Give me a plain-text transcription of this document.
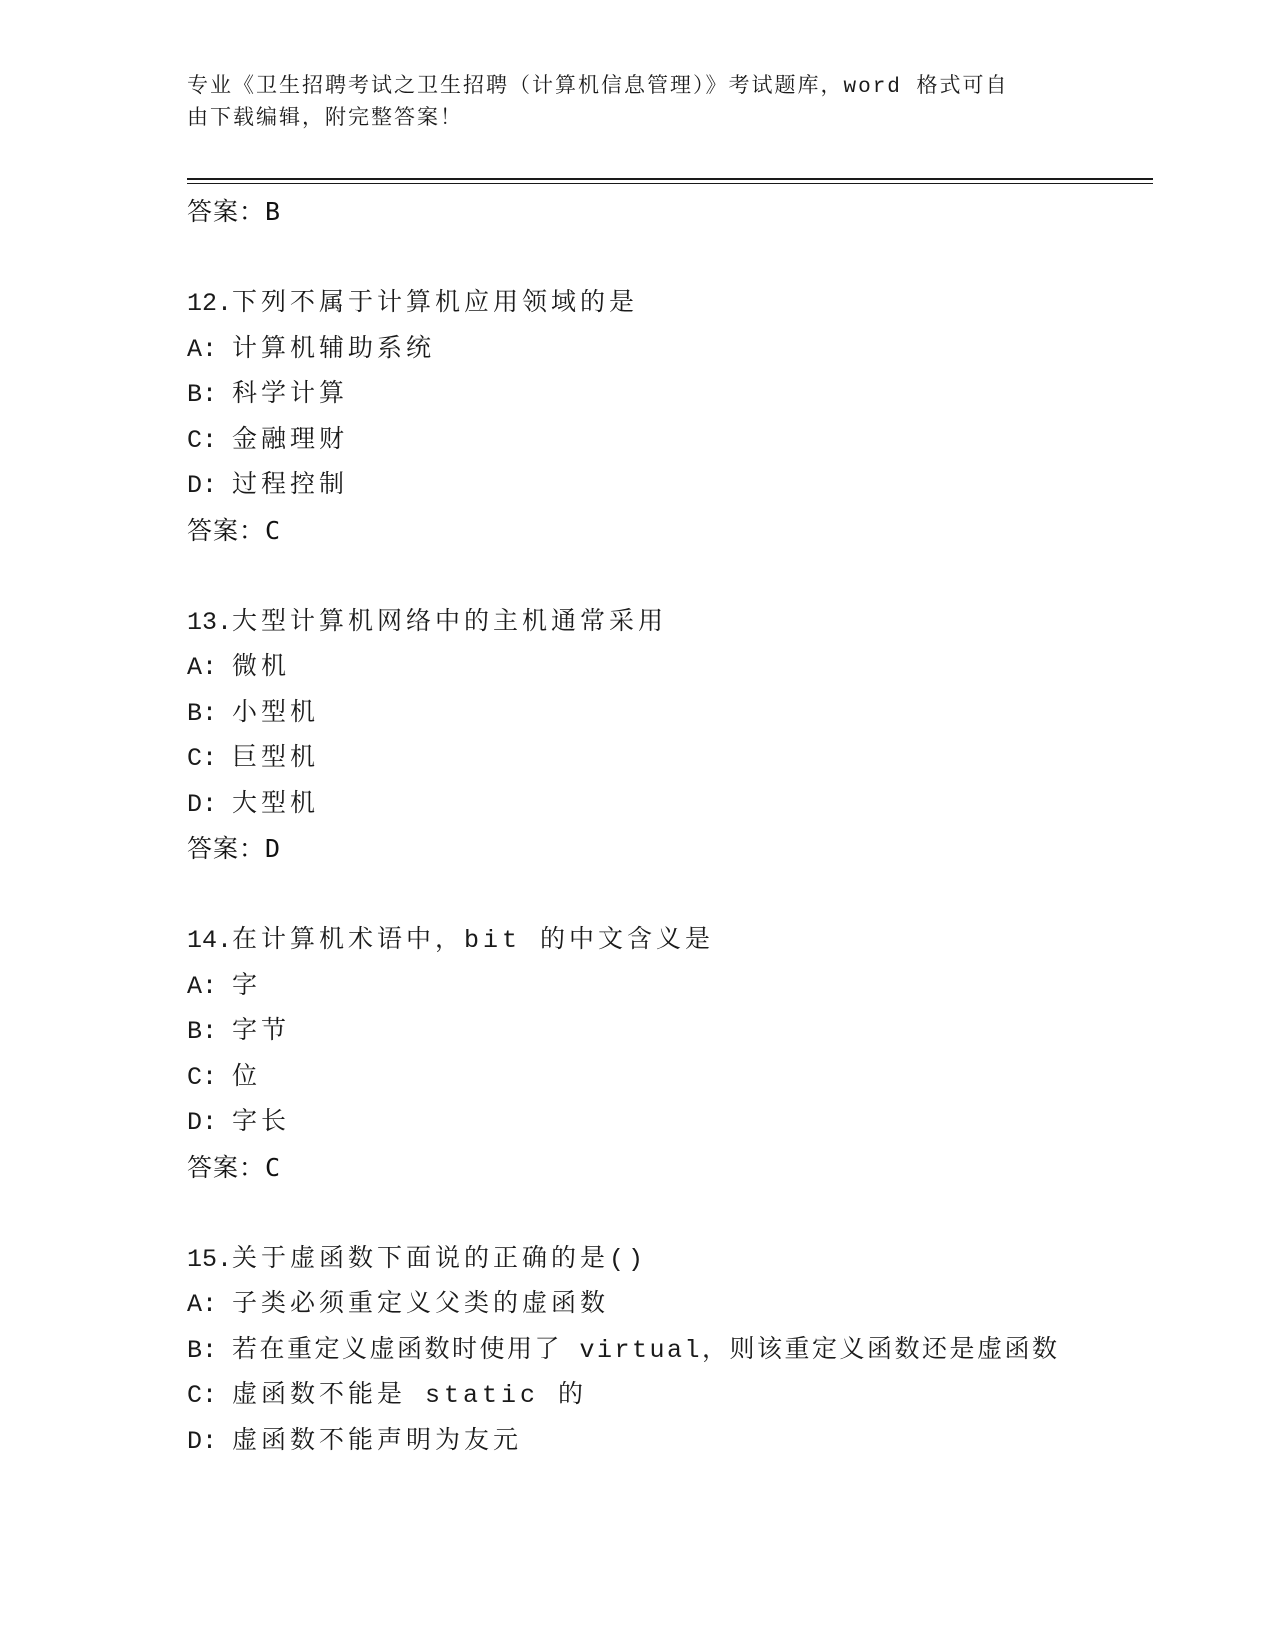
专业《卫生招聘考试之卫生招聘（计算机信息管理）》考试题库，word 格式可自
由下载编辑，附完整答案！
答案：B
12.下列不属于计算机应用领域的是
A: 计算机辅助系统
B: 科学计算
C: 金融理财
D: 过程控制
答案：C
13.大型计算机网络中的主机通常采用
A: 微机
B: 小型机
C: 巨型机
D: 大型机
答案：D
14.在计算机术语中，bit 的中文含义是
A: 字
B: 字节
C: 位
D: 字长
答案：C
15.关于虚函数下面说的正确的是()
A: 子类必须重定义父类的虚函数
B: 若在重定义虚函数时使用了 virtual，则该重定义函数还是虚函数
C: 虚函数不能是 static 的
D: 虚函数不能声明为友元
